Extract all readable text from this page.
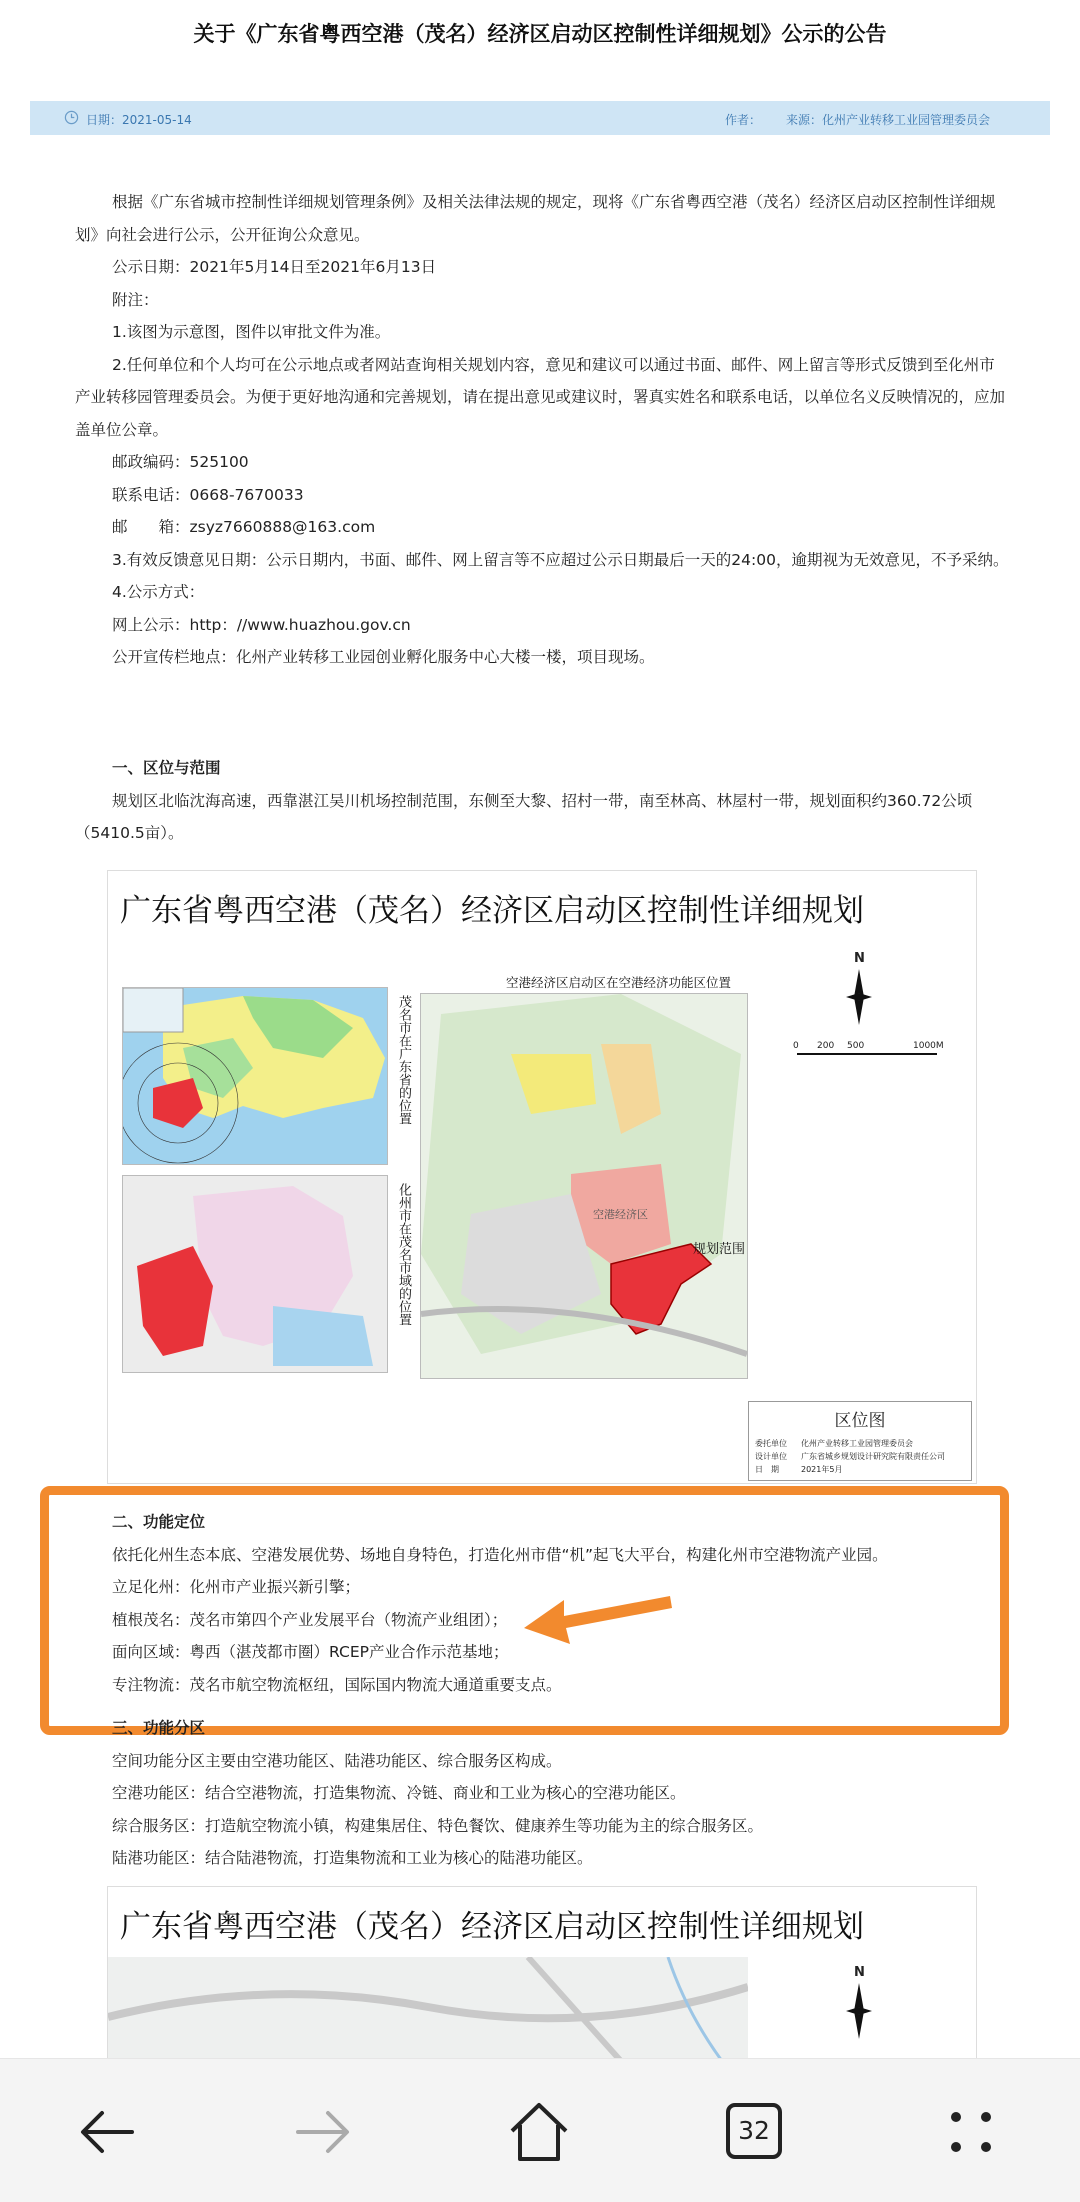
关于《广东省粤西空港（茂名）经济区启动区控制性详细规划》公示的公告
日期：2021-05-14	作者： 来源：化州产业转移工业园管理委员会

根据《广东省城市控制性详细规划管理条例》及相关法律法规的规定，现将《广东省粤西空港（茂名）经济区启动区控制性详细规划》向社会进行公示，公开征询公众意见。

公示日期：2021年5月14日至2021年6月13日

附注：

1.该图为示意图，图件以审批文件为准。

2.任何单位和个人均可在公示地点或者网站查询相关规划内容，意见和建议可以通过书面、邮件、网上留言等形式反馈到至化州市产业转移园管理委员会。为便于更好地沟通和完善规划，请在提出意见或建议时，署真实姓名和联系电话，以单位名义反映情况的，应加盖单位公章。

邮政编码：525100

联系电话：0668-7670033

邮　　箱：zsyz7660888@163.com

3.有效反馈意见日期：公示日期内，书面、邮件、网上留言等不应超过公示日期最后一天的24:00，逾期视为无效意见，不予采纳。

4.公示方式：

网上公示：http：//www.huazhou.gov.cn

公开宣传栏地点：化州产业转移工业园创业孵化服务中心大楼一楼，项目现场。

一、区位与范围

规划区北临沈海高速，西靠湛江吴川机场控制范围，东侧至大黎、招村一带，南至林高、林屋村一带，规划面积约360.72公顷（5410.5亩）。

广东省粤西空港（茂名）经济区启动区控制性详细规划
茂名市在广东省的位置
化州市在茂名市域的位置
空港经济区启动区在空港经济功能区位置
空港经济区
规划范围
N
0 200 500	1000M
区位图
委托单位 化州产业转移工业园管理委员会
设计单位 广东省城乡规划设计研究院有限责任公司
日　期	2021年5月

二、功能定位

依托化州生态本底、空港发展优势、场地自身特色，打造化州市借“机”起飞大平台，构建化州市空港物流产业园。

立足化州：化州市产业振兴新引擎；

植根茂名：茂名市第四个产业发展平台（物流产业组团）；

面向区域：粤西（湛茂都市圈）RCEP产业合作示范基地；

专注物流：茂名市航空物流枢纽，国际国内物流大通道重要支点。

三、功能分区

空间功能分区主要由空港功能区、陆港功能区、综合服务区构成。

空港功能区：结合空港物流，打造集物流、冷链、商业和工业为核心的空港功能区。

综合服务区：打造航空物流小镇，构建集居住、特色餐饮、健康养生等功能为主的综合服务区。

陆港功能区：结合陆港物流，打造集物流和工业为核心的陆港功能区。

广东省粤西空港（茂名）经济区启动区控制性详细规划
N
32
